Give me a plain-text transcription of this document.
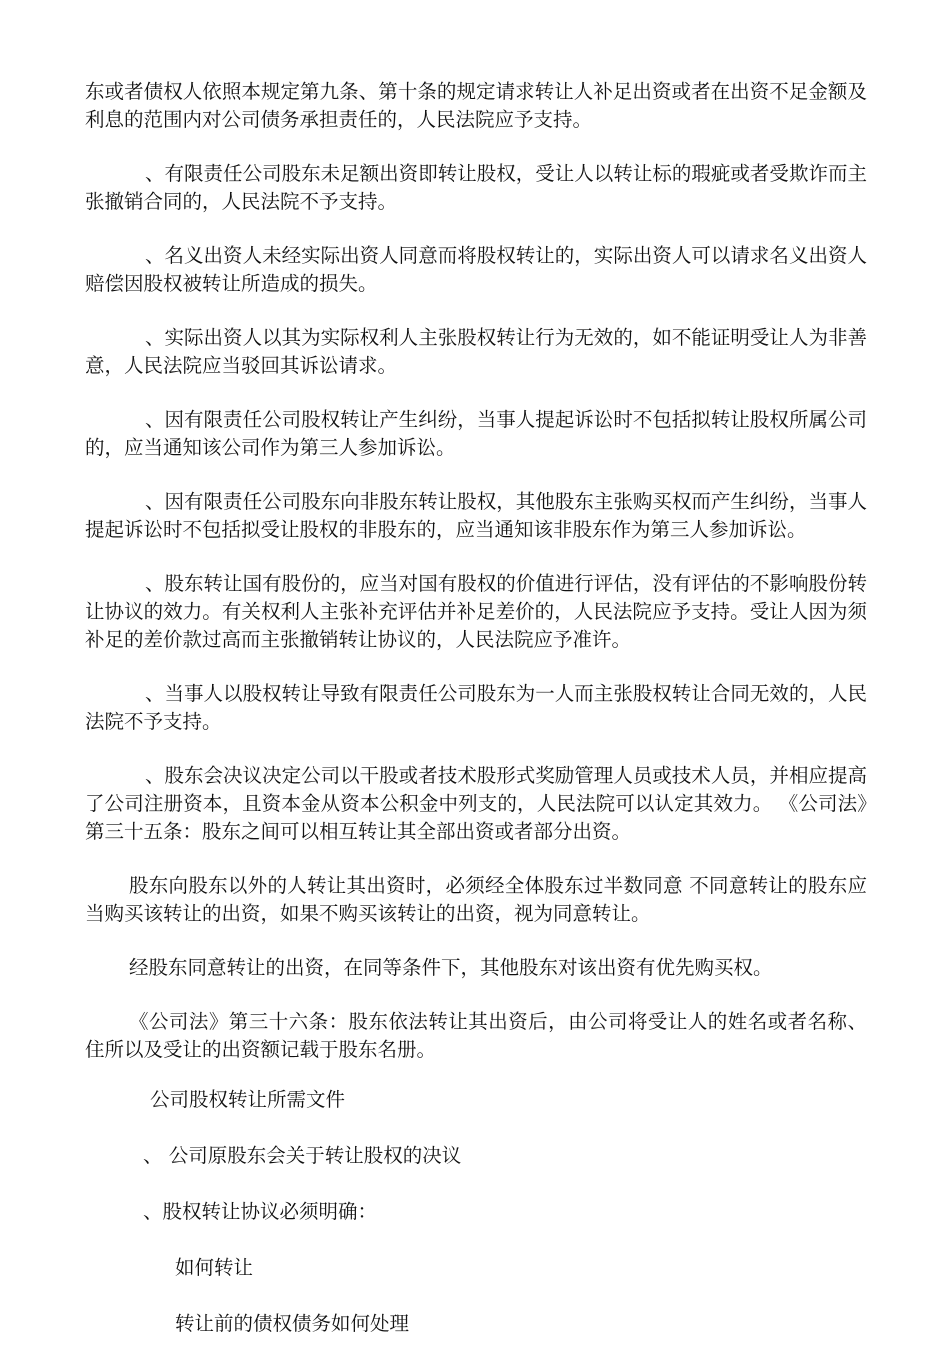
东或者债权人依照本规定第九条、第十条的规定请求转让人补足出资或者在出资不足金额及利息的范围内对公司债务承担责任的，人民法院应予支持。

、有限责任公司股东未足额出资即转让股权，受让人以转让标的瑕疵或者受欺诈而主张撤销合同的，人民法院不予支持。

、名义出资人未经实际出资人同意而将股权转让的，实际出资人可以请求名义出资人赔偿因股权被转让所造成的损失。

、实际出资人以其为实际权利人主张股权转让行为无效的，如不能证明受让人为非善意，人民法院应当驳回其诉讼请求。

、因有限责任公司股权转让产生纠纷，当事人提起诉讼时不包括拟转让股权所属公司的，应当通知该公司作为第三人参加诉讼。

、因有限责任公司股东向非股东转让股权，其他股东主张购买权而产生纠纷，当事人提起诉讼时不包括拟受让股权的非股东的，应当通知该非股东作为第三人参加诉讼。

、股东转让国有股份的，应当对国有股权的价值进行评估，没有评估的不影响股份转让协议的效力。有关权利人主张补充评估并补足差价的，人民法院应予支持。受让人因为须补足的差价款过高而主张撤销转让协议的，人民法院应予准许。

、当事人以股权转让导致有限责任公司股东为一人而主张股权转让合同无效的，人民法院不予支持。

、股东会决议决定公司以干股或者技术股形式奖励管理人员或技术人员，并相应提高了公司注册资本，且资本金从资本公积金中列支的，人民法院可以认定其效力。 《公司法》第三十五条：股东之间可以相互转让其全部出资或者部分出资。

股东向股东以外的人转让其出资时，必须经全体股东过半数同意 不同意转让的股东应当购买该转让的出资，如果不购买该转让的出资，视为同意转让。

经股东同意转让的出资，在同等条件下，其他股东对该出资有优先购买权。

《公司法》第三十六条：股东依法转让其出资后，由公司将受让人的姓名或者名称、住所以及受让的出资额记载于股东名册。

公司股权转让所需文件

、 公司原股东会关于转让股权的决议

、股权转让协议必须明确：

如何转让

转让前的债权债务如何处理
